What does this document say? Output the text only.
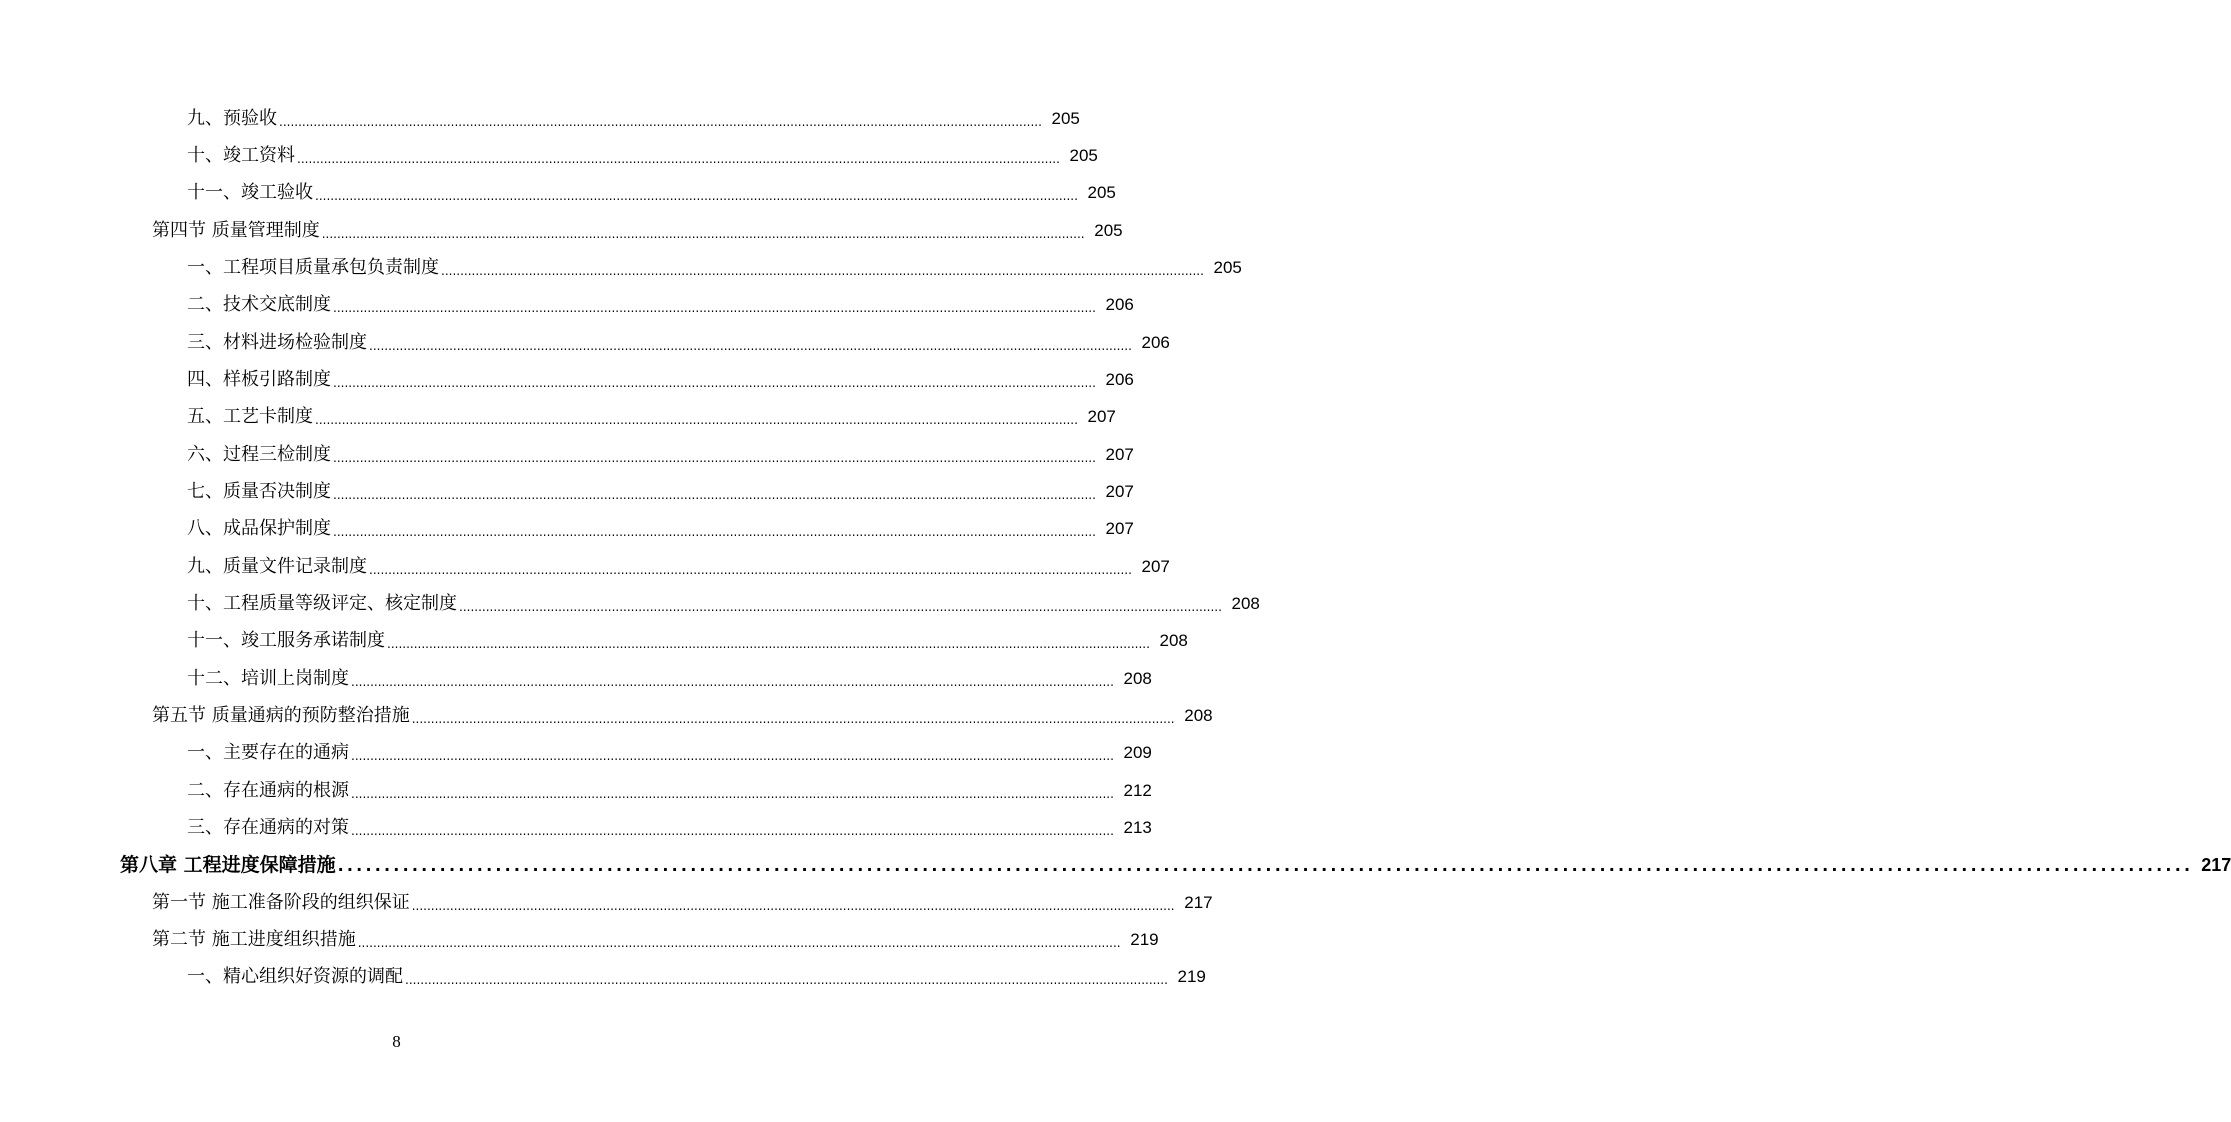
九、预验收 ........................................................................................................................................................................................................ 205
十、竣工资料 ........................................................................................................................................................................................................ 205
十一、竣工验收 ........................................................................................................................................................................................................ 205
第四节 质量管理制度 ........................................................................................................................................................................................................ 205
一、工程项目质量承包负责制度 ........................................................................................................................................................................................................ 205
二、技术交底制度 ........................................................................................................................................................................................................ 206
三、材料进场检验制度 ........................................................................................................................................................................................................ 206
四、样板引路制度 ........................................................................................................................................................................................................ 206
五、工艺卡制度 ........................................................................................................................................................................................................ 207
六、过程三检制度 ........................................................................................................................................................................................................ 207
七、质量否决制度 ........................................................................................................................................................................................................ 207
八、成品保护制度 ........................................................................................................................................................................................................ 207
九、质量文件记录制度 ........................................................................................................................................................................................................ 207
十、工程质量等级评定、核定制度 ........................................................................................................................................................................................................ 208
十一、竣工服务承诺制度 ........................................................................................................................................................................................................ 208
十二、培训上岗制度 ........................................................................................................................................................................................................ 208
第五节 质量通病的预防整治措施 ........................................................................................................................................................................................................ 208
一、主要存在的通病 ........................................................................................................................................................................................................ 209
二、存在通病的根源 ........................................................................................................................................................................................................ 212
三、存在通病的对策 ........................................................................................................................................................................................................ 213
第八章 工程进度保障措施 ........................................................................................................................................................................................................ 217
第一节 施工准备阶段的组织保证 ........................................................................................................................................................................................................ 217
第二节 施工进度组织措施 ........................................................................................................................................................................................................ 219
一、精心组织好资源的调配 ........................................................................................................................................................................................................ 219
8
